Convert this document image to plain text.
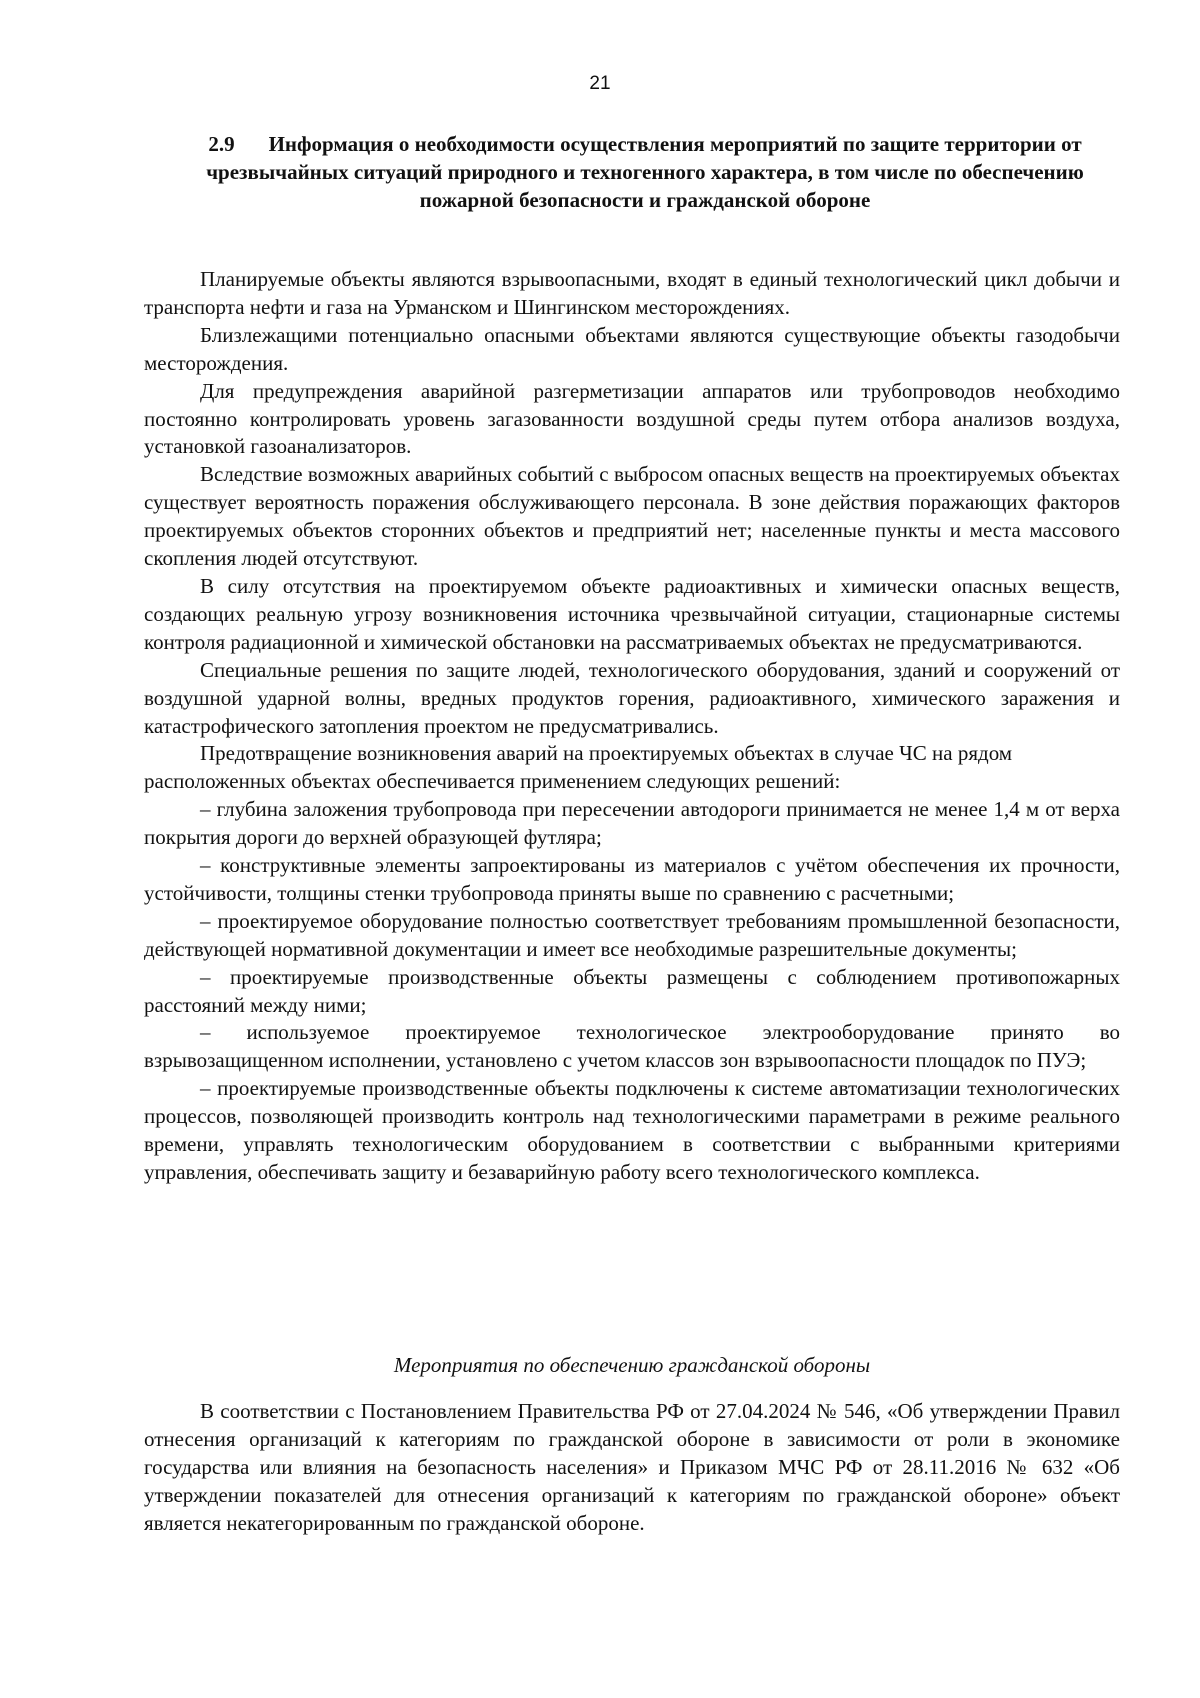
21
2.9 Информация о необходимости осуществления мероприятий по защите территории от чрезвычайных ситуаций природного и техногенного характера, в том числе по обеспечению пожарной безопасности и гражданской обороне

Планируемые объекты являются взрывоопасными, входят в единый технологический цикл добычи и транспорта нефти и газа на Урманском и Шингинском месторождениях.

Близлежащими потенциально опасными объектами являются существующие объекты газодобычи месторождения.

Для предупреждения аварийной разгерметизации аппаратов или трубопроводов необходимо постоянно контролировать уровень загазованности воздушной среды путем отбора анализов воздуха, установкой газоанализаторов.

Вследствие возможных аварийных событий с выбросом опасных веществ на проектируемых объектах существует вероятность поражения обслуживающего персонала. В зоне действия поражающих факторов проектируемых объектов сторонних объектов и предприятий нет; населенные пункты и места массового скопления людей отсутствуют.

В силу отсутствия на проектируемом объекте радиоактивных и химически опасных веществ, создающих реальную угрозу возникновения источника чрезвычайной ситуации, стационарные системы контроля радиационной и химической обстановки на рассматриваемых объектах не предусматриваются.

Специальные решения по защите людей, технологического оборудования, зданий и сооружений от воздушной ударной волны, вредных продуктов горения, радиоактивного, химического заражения и катастрофического затопления проектом не предусматривались.

Предотвращение возникновения аварий на проектируемых объектах в случае ЧС на рядом расположенных объектах обеспечивается применением следующих решений:

– глубина заложения трубопровода при пересечении автодороги принимается не менее 1,4 м от верха покрытия дороги до верхней образующей футляра;

– конструктивные элементы запроектированы из материалов с учётом обеспечения их прочности, устойчивости, толщины стенки трубопровода приняты выше по сравнению с расчетными;

– проектируемое оборудование полностью соответствует требованиям промышленной безопасности, действующей нормативной документации и имеет все необходимые разрешительные документы;

– проектируемые производственные объекты размещены с соблюдением противопожарных расстояний между ними;

– используемое проектируемое технологическое электрооборудование принято во взрывозащищенном исполнении, установлено с учетом классов зон взрывоопасности площадок по ПУЭ;

– проектируемые производственные объекты подключены к системе автоматизации технологических процессов, позволяющей производить контроль над технологическими параметрами в режиме реального времени, управлять технологическим оборудованием в соответствии с выбранными критериями управления, обеспечивать защиту и безаварийную работу всего технологического комплекса.

Мероприятия по обеспечению гражданской обороны

В соответствии с Постановлением Правительства РФ от 27.04.2024 № 546, «Об утверждении Правил отнесения организаций к категориям по гражданской обороне в зависимости от роли в экономике государства или влияния на безопасность населения» и Приказом МЧС РФ от 28.11.2016 № 632 «Об утверждении показателей для отнесения организаций к категориям по гражданской обороне» объект является некатегорированным по гражданской обороне.
